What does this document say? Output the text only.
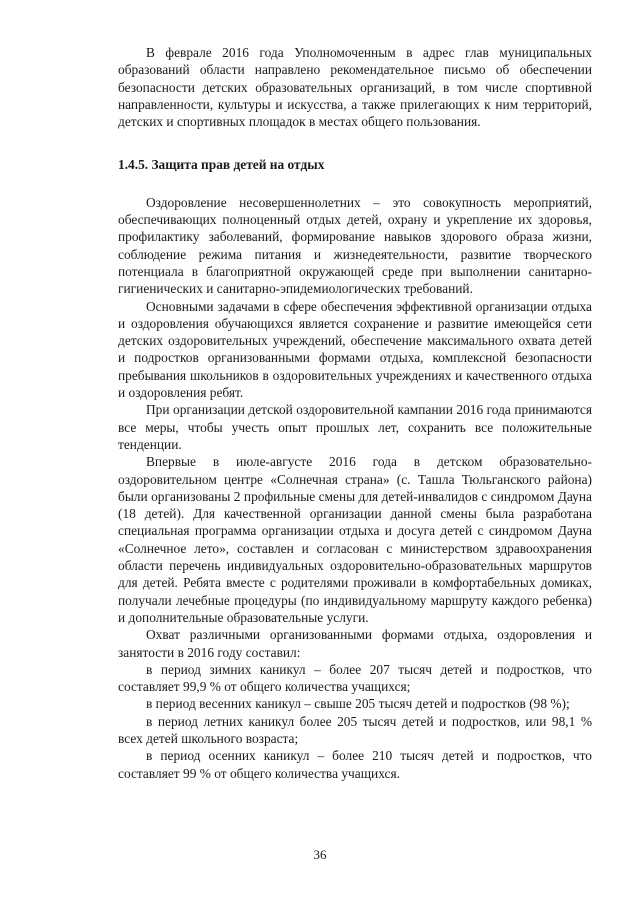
В феврале 2016 года Уполномоченным в адрес глав муниципальных образований области направлено рекомендательное письмо об обеспечении безопасности детских образовательных организаций, в том числе спортивной направленности, культуры и искусства, а также прилегающих к ним территорий, детских и спортивных площадок в местах общего пользования.

1.4.5. Защита прав детей на отдых

Оздоровление несовершеннолетних – это совокупность мероприятий, обеспечивающих полноценный отдых детей, охрану и укрепление их здоровья, профилактику заболеваний, формирование навыков здорового образа жизни, соблюдение режима питания и жизнедеятельности, развитие творческого потенциала в благоприятной окружающей среде при выполнении санитарно-гигиенических и санитарно-эпидемиологических требований.

Основными задачами в сфере обеспечения эффективной организации отдыха и оздоровления обучающихся является сохранение и развитие имеющейся сети детских оздоровительных учреждений, обеспечение максимального охвата детей и подростков организованными формами отдыха, комплексной безопасности пребывания школьников в оздоровительных учреждениях и качественного отдыха и оздоровления ребят.

При организации детской оздоровительной кампании 2016 года принимаются все меры, чтобы учесть опыт прошлых лет, сохранить все положительные тенденции.

Впервые в июле-августе 2016 года в детском образовательно-оздоровительном центре «Солнечная страна» (с. Ташла Тюльганского района) были организованы 2 профильные смены для детей-инвалидов с синдромом Дауна (18 детей). Для качественной организации данной смены была разработана специальная программа организации отдыха и досуга детей с синдромом Дауна «Солнечное лето», составлен и согласован с министерством здравоохранения области перечень индивидуальных оздоровительно-образовательных маршрутов для детей. Ребята вместе с родителями проживали в комфортабельных домиках, получали лечебные процедуры (по индивидуальному маршруту каждого ребенка) и дополнительные образовательные услуги.

Охват различными организованными формами отдыха, оздоровления и занятости в 2016 году составил:

в период зимних каникул – более 207 тысяч детей и подростков, что составляет 99,9 % от общего количества учащихся;

в период весенних каникул – свыше 205 тысяч детей и подростков (98 %);

в период летних каникул более 205 тысяч детей и подростков, или 98,1 % всех детей школьного возраста;

в период осенних каникул – более 210 тысяч детей и подростков, что составляет 99 % от общего количества учащихся.

36
